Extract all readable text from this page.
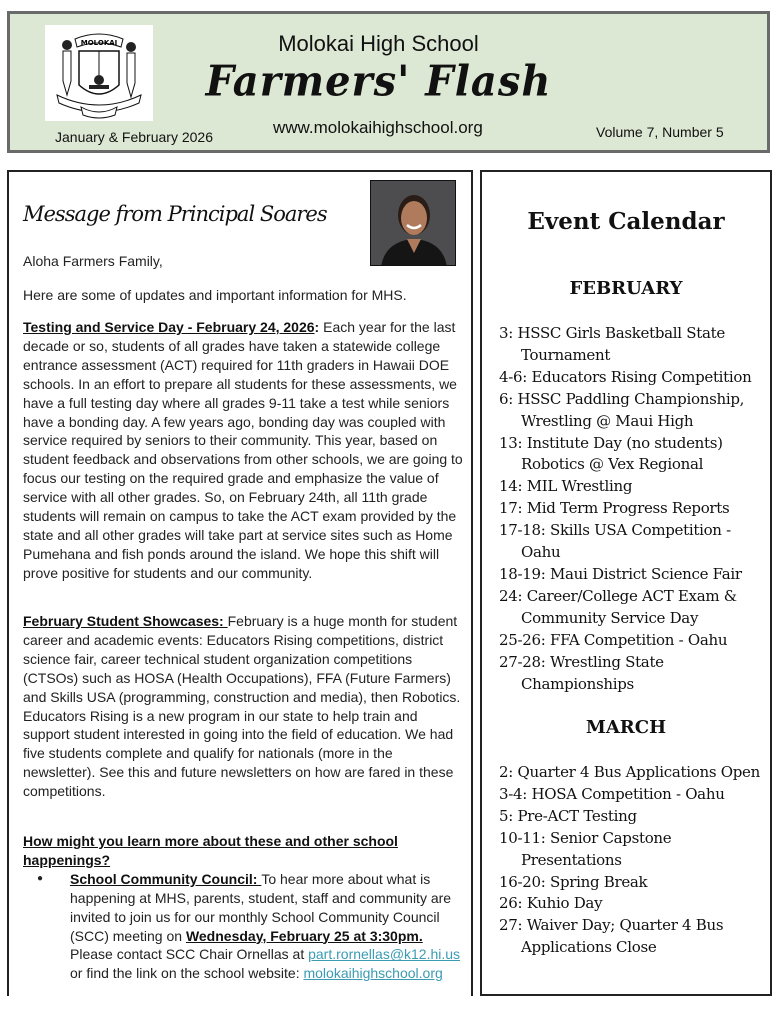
MOLOKAI	Molokai High School
Farmers' Flash
www.molokaihighschool.org
January & February 2026	Volume 7, Number 5
Message from Principal Soares
Aloha Farmers Family,
Here are some of updates and important information for MHS.
Testing and Service Day - February 24, 2026: Each year for the last decade or so, students of all grades have taken a statewide college entrance assessment (ACT) required for 11th graders in Hawaii DOE schools. In an effort to prepare all students for these assessments, we have a full testing day where all grades 9-11 take a test while seniors have a bonding day. A few years ago, bonding day was coupled with service required by seniors to their community. This year, based on student feedback and observations from other schools, we are going to focus our testing on the required grade and emphasize the value of service with all other grades. So, on February 24th, all 11th grade students will remain on campus to take the ACT exam provided by the state and all other grades will take part at service sites such as Home Pumehana and fish ponds around the island. We hope this shift will prove positive for students and our community.
February Student Showcases: February is a huge month for student career and academic events: Educators Rising competitions, district science fair, career technical student organization competitions (CTSOs) such as HOSA (Health Occupations), FFA (Future Farmers) and Skills USA (programming, construction and media), then Robotics. Educators Rising is a new program in our state to help train and support student interested in going into the field of education. We had five students complete and qualify for nationals (more in the newsletter). See this and future newsletters on how are fared in these competitions.
How might you learn more about these and other school happenings?
● School Community Council: To hear more about what is happening at MHS, parents, student, staff and community are invited to join us for our monthly School Community Council (SCC) meeting on Wednesday, February 25 at 3:30pm. Please contact SCC Chair Ornellas at part.rornellas@k12.hi.us or find the link on the school website: molokaihighschool.org
Event Calendar
FEBRUARY
3: HSSC Girls Basketball State Tournament
4-6: Educators Rising Competition
6: HSSC Paddling Championship, Wrestling @ Maui High
13: Institute Day (no students) Robotics @ Vex Regional
14: MIL Wrestling
17: Mid Term Progress Reports
17-18: Skills USA Competition - Oahu
18-19: Maui District Science Fair
24: Career/College ACT Exam & Community Service Day
25-26: FFA Competition - Oahu
27-28: Wrestling State Championships
MARCH
2: Quarter 4 Bus Applications Open
3-4: HOSA Competition - Oahu
5: Pre-ACT Testing
10-11: Senior Capstone Presentations
16-20: Spring Break
26: Kuhio Day
27: Waiver Day; Quarter 4 Bus Applications Close
